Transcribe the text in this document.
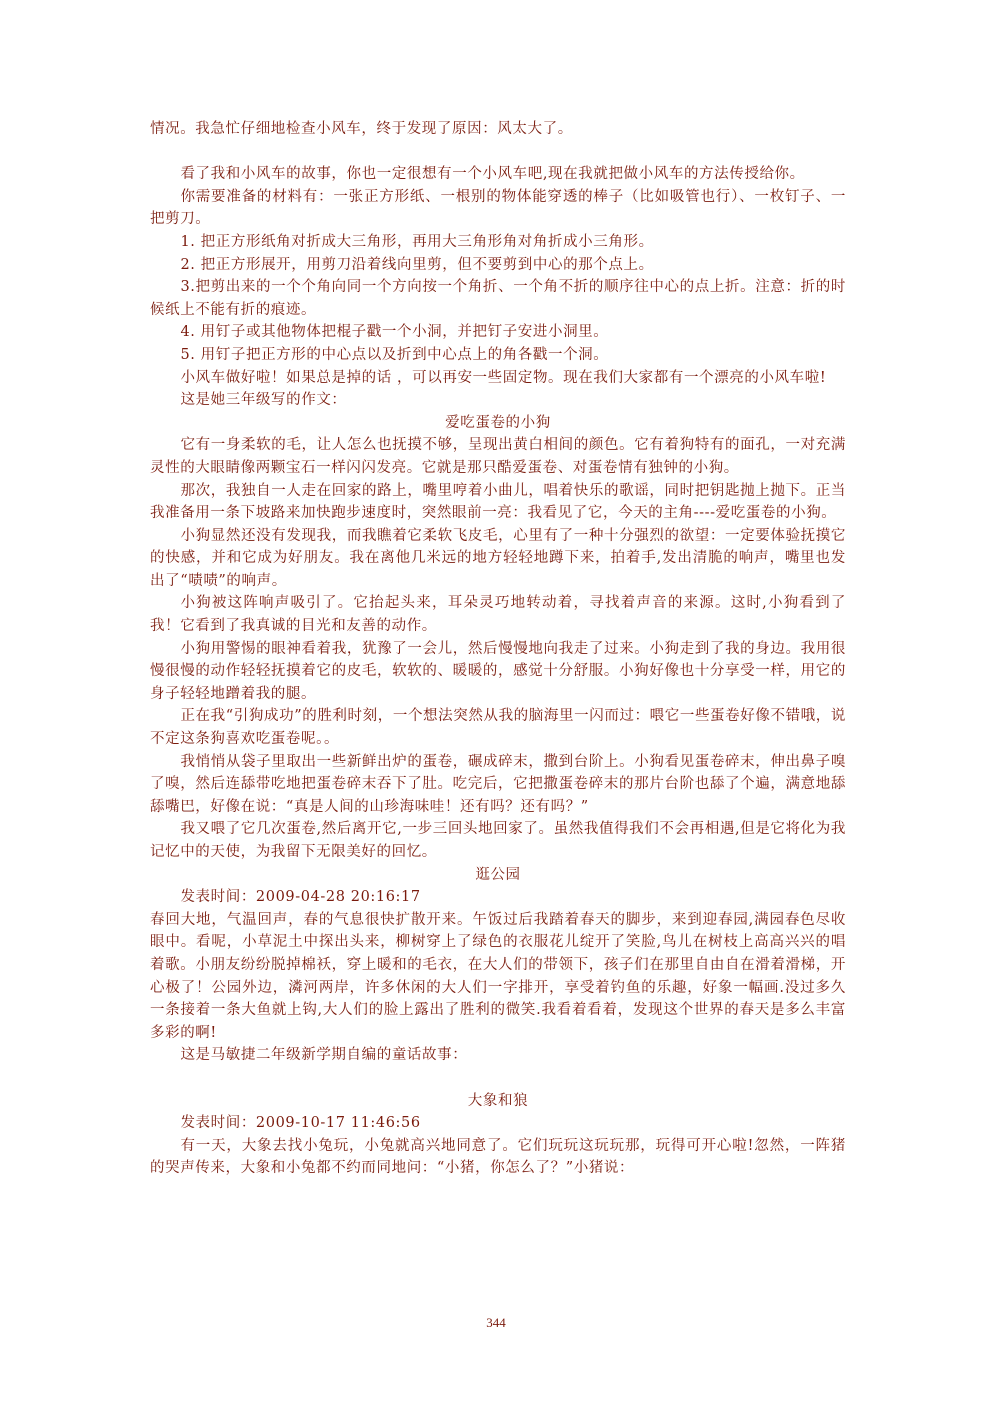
情况。我急忙仔细地检查小风车，终于发现了原因：风太大了。

看了我和小风车的故事，你也一定很想有一个小风车吧,现在我就把做小风车的方法传授给你。

你需要准备的材料有：一张正方形纸、一根别的物体能穿透的棒子（比如吸管也行）、一枚钉子、一把剪刀。

1. 把正方形纸角对折成大三角形，再用大三角形角对角折成小三角形。

2. 把正方形展开，用剪刀沿着线向里剪，但不要剪到中心的那个点上。

3.把剪出来的一个个角向同一个方向按一个角折、一个角不折的顺序往中心的点上折。注意：折的时候纸上不能有折的痕迹。

4. 用钉子或其他物体把棍子戳一个小洞，并把钉子安进小洞里。

5. 用钉子把正方形的中心点以及折到中心点上的角各戳一个洞。

小风车做好啦！如果总是掉的话 ，可以再安一些固定物。现在我们大家都有一个漂亮的小风车啦!

这是她三年级写的作文：

爱吃蛋卷的小狗

它有一身柔软的毛，让人怎么也抚摸不够，呈现出黄白相间的颜色。它有着狗特有的面孔，一对充满灵性的大眼睛像两颗宝石一样闪闪发亮。它就是那只酷爱蛋卷、对蛋卷情有独钟的小狗。

那次，我独自一人走在回家的路上，嘴里哼着小曲儿，唱着快乐的歌谣，同时把钥匙抛上抛下。正当我准备用一条下坡路来加快跑步速度时，突然眼前一亮：我看见了它，今天的主角----爱吃蛋卷的小狗。

小狗显然还没有发现我，而我瞧着它柔软飞皮毛，心里有了一种十分强烈的欲望：一定要体验抚摸它的快感，并和它成为好朋友。我在离他几米远的地方轻轻地蹲下来，拍着手,发出清脆的响声，嘴里也发出了“啧啧”的响声。

小狗被这阵响声吸引了。它抬起头来，耳朵灵巧地转动着，寻找着声音的来源。这时,小狗看到了我！它看到了我真诚的目光和友善的动作。

小狗用警惕的眼神看着我，犹豫了一会儿，然后慢慢地向我走了过来。小狗走到了我的身边。我用很慢很慢的动作轻轻抚摸着它的皮毛，软软的、暖暖的，感觉十分舒服。小狗好像也十分享受一样，用它的身子轻轻地蹭着我的腿。

正在我“引狗成功”的胜利时刻，一个想法突然从我的脑海里一闪而过：喂它一些蛋卷好像不错哦，说不定这条狗喜欢吃蛋卷呢。。

我悄悄从袋子里取出一些新鲜出炉的蛋卷，碾成碎末，撒到台阶上。小狗看见蛋卷碎末，伸出鼻子嗅了嗅，然后连舔带吃地把蛋卷碎末吞下了肚。吃完后，它把撒蛋卷碎末的那片台阶也舔了个遍，满意地舔舔嘴巴，好像在说：“真是人间的山珍海味哇！还有吗？还有吗？”

我又喂了它几次蛋卷,然后离开它,一步三回头地回家了。虽然我值得我们不会再相遇,但是它将化为我记忆中的天使，为我留下无限美好的回忆。

逛公园

发表时间：2009-04-28 20:16:17

春回大地，气温回声，春的气息很快扩散开来。午饭过后我踏着春天的脚步，来到迎春园,满园春色尽收眼中。看呢，小草泥土中探出头来，柳树穿上了绿色的衣服花儿绽开了笑脸,鸟儿在树枝上高高兴兴的唱着歌。小朋友纷纷脱掉棉袄，穿上暖和的毛衣，在大人们的带领下，孩子们在那里自由自在滑着滑梯，开心极了！公园外边，潾河两岸，许多休闲的大人们一字排开，享受着钓鱼的乐趣，好象一幅画.没过多久一条接着一条大鱼就上钩,大人们的脸上露出了胜利的微笑.我看着看着，发现这个世界的春天是多么丰富多彩的啊!

这是马敏捷二年级新学期自编的童话故事：

大象和狼

发表时间：2009-10-17 11:46:56

有一天，大象去找小兔玩，小兔就高兴地同意了。它们玩玩这玩玩那，玩得可开心啦!忽然，一阵猪的哭声传来，大象和小兔都不约而同地问：“小猪，你怎么了？”小猪说：

344
